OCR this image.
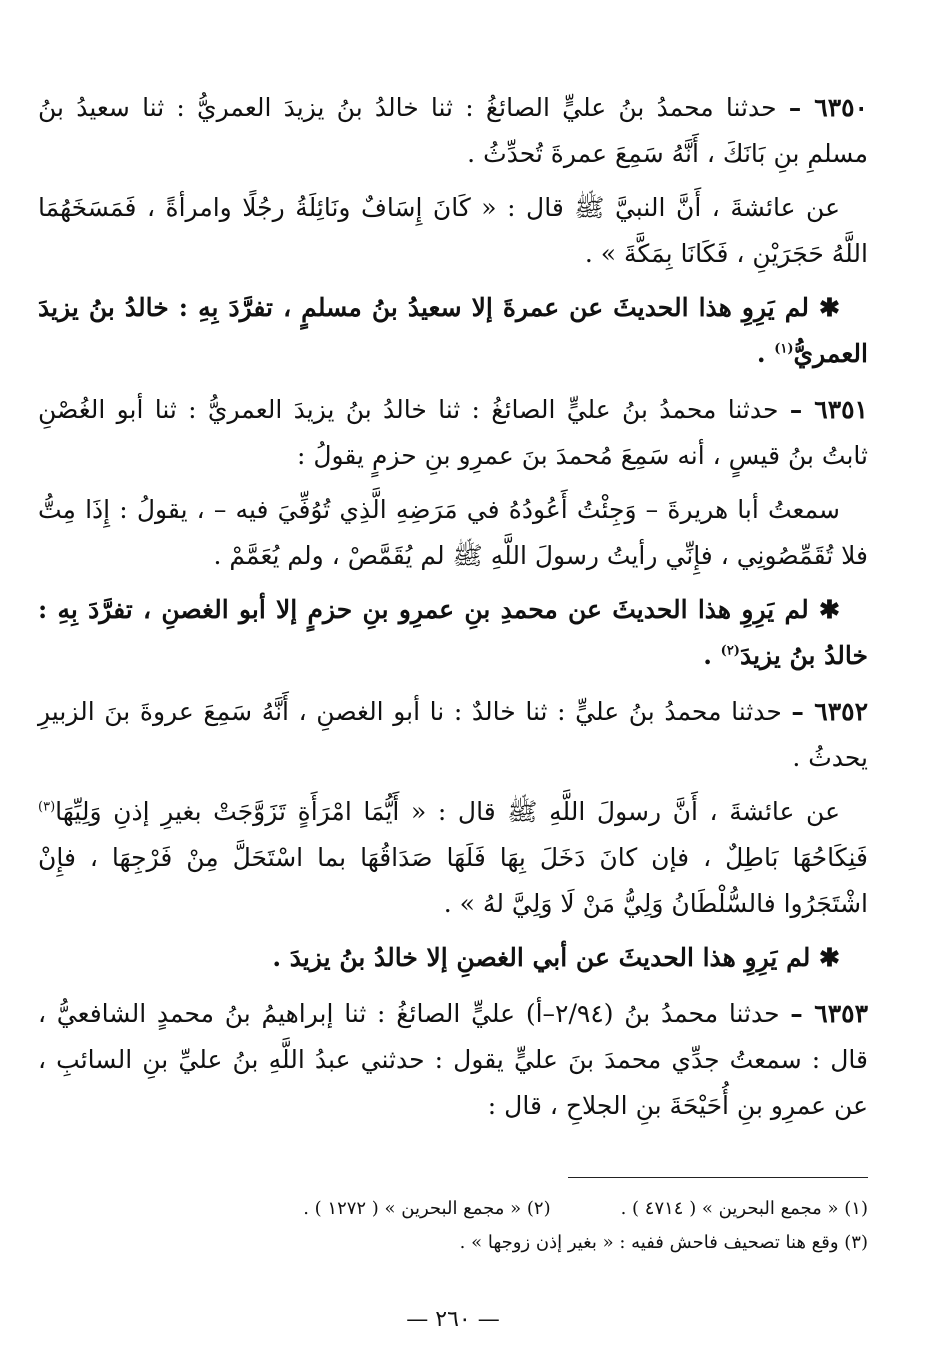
٦٣٥٠ – حدثنا محمدُ بنُ عليٍّ الصائغُ : ثنا خالدُ بنُ يزيدَ العمريُّ : ثنا سعيدُ بنُ مسلمِ بنِ بَانَكَ ، أَنَّهُ سَمِعَ عمرةَ تُحدِّثُ .

عن عائشةَ ، أَنَّ النبيَّ ﷺ قال : « كَانَ إِسَافٌ ونَائِلَةُ رجُلًا وامرأةً ، فَمَسَخَهُمَا اللَّهُ حَجَرَيْنِ ، فَكَانَا بِمَكَّةَ » .

✱ لم يَرِوِ هذا الحديثَ عن عمرةَ إلا سعيدُ بنُ مسلمٍ ، تفرَّدَ بِهِ : خالدُ بنُ يزيدَ العمريُّ$^{(١)}$ .

٦٣٥١ – حدثنا محمدُ بنُ عليٍّ الصائغُ : ثنا خالدُ بنُ يزيدَ العمريُّ : ثنا أبو الغُصْنِ ثابتُ بنُ قيسٍ ، أنه سَمِعَ مُحمدَ بنَ عمرِو بنِ حزمٍ يقولُ :

سمعتُ أبا هريرةَ – وَجِئْتُ أَعُودُهُ في مَرَضِهِ الَّذِي تُوُفِّيَ فيه – ، يقولُ : إِذَا مِتُّ فلا تُقَمِّصُونِي ، فإِنِّي رأيتُ رسولَ اللَّهِ ﷺ لم يُقَمَّصْ ، ولم يُعَمَّمْ .

✱ لم يَرِوِ هذا الحديثَ عن محمدِ بنِ عمرِو بنِ حزمٍ إلا أبو الغصنِ ، تفرَّدَ بِهِ : خالدُ بنُ يزيدَ$^{(٢)}$ .

٦٣٥٢ – حدثنا محمدُ بنُ عليٍّ : ثنا خالدٌ : نا أبو الغصنِ ، أَنَّهُ سَمِعَ عروةَ بنَ الزبيرِ يحدثُ .

عن عائشةَ ، أَنَّ رسولَ اللَّهِ ﷺ قال : « أَيُّمَا امْرَأَةٍ تَزَوَّجَتْ بغيرِ إذنِ وَلِيِّهَا$^{(٣)}$ فَنِكَاحُهَا بَاطِلٌ ، فإن كانَ دَخَلَ بِهَا فَلَهَا صَدَاقُهَا بما اسْتَحَلَّ مِنْ فَرْجِهَا ، فإِنْ اشْتَجَرُوا فالسُّلْطَانُ وَلِيُّ مَنْ لَا وَلِيَّ لهُ » .

✱ لم يَرِوِ هذا الحديثَ عن أبي الغصنِ إلا خالدُ بنُ يزيدَ .

٦٣٥٣ – حدثنا محمدُ بنُ (٢/٩٤–أ) عليٍّ الصائغُ : ثنا إبراهيمُ بنُ محمدٍ الشافعيُّ ، قال : سمعتُ جدِّي محمدَ بنَ عليٍّ يقول : حدثني عبدُ اللَّهِ بنُ عليِّ بنِ السائبِ ، عن عمرِو بنِ أُحَيْحَةَ بنِ الجلاحِ ، قال :

(١) « مجمع البحرين » ( ٤٧١٤ ) .
(٢) « مجمع البحرين » ( ١٢٧٢ ) .
(٣) وقع هنا تصحيف فاحش ففيه : « بغير إذن زوجها » .
— ٢٦٠ —
